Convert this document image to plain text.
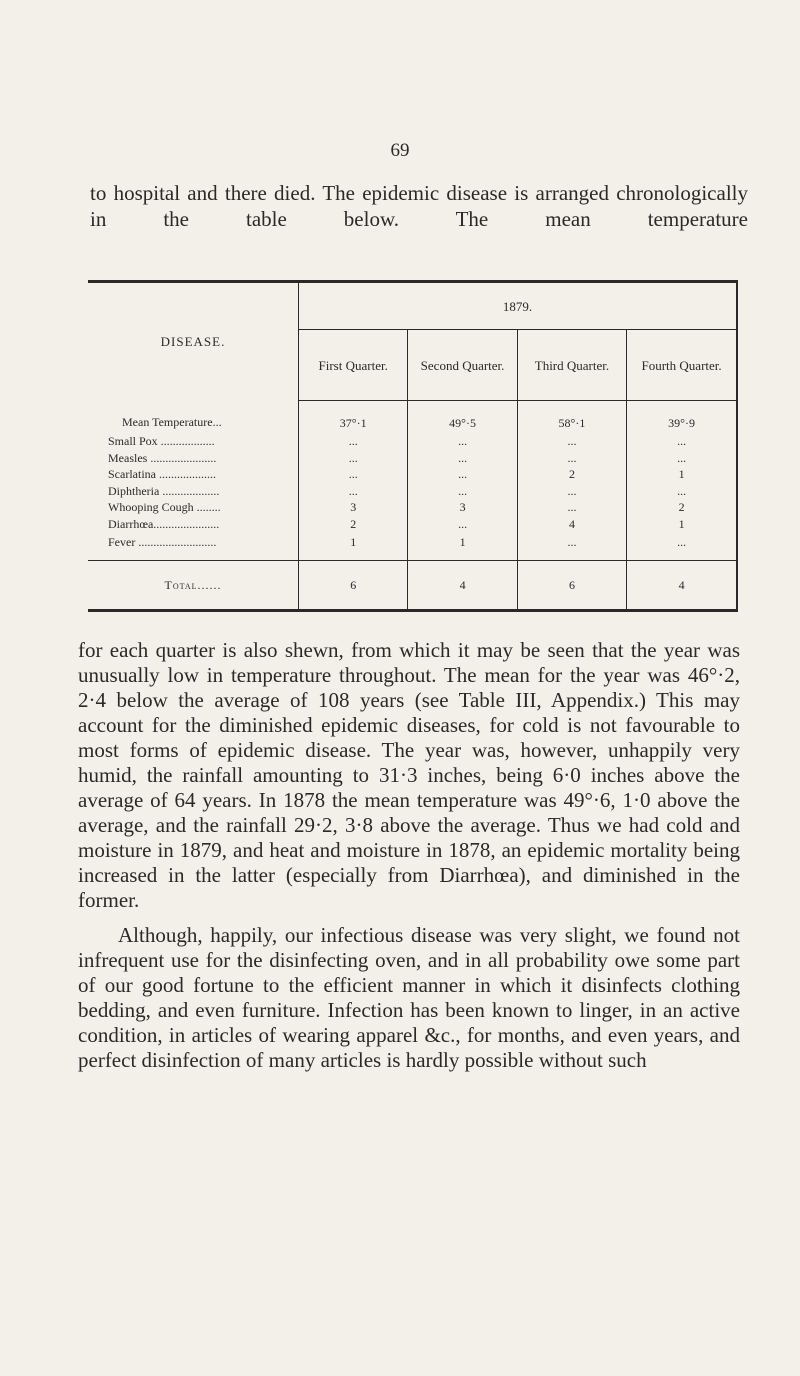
69

to hospital and there died. The epidemic disease is arranged chronologically in the table below. The mean temperature

DISEASE.	1879.			
	First Quarter.	Second Quarter.	Third Quarter.	Fourth Quarter.
Mean Temperature...	37°·1	49°·5	58°·1	39°·9
Small Pox ..................	...	...	...	...
Measles ......................	...	...	...	...
Scarlatina ...................	...	...	2	1
Diphtheria ...................	...	...	...	...
Whooping Cough ........	3	3	...	2
Diarrhœa......................	2	...	4	1
Fever ..........................	1	1	...	...
Total......	6	4	6	4

for each quarter is also shewn, from which it may be seen that the year was unusually low in temperature throughout. The mean for the year was 46°·2, 2·4 below the average of 108 years (see Table III, Appendix.) This may account for the diminished epidemic diseases, for cold is not favourable to most forms of epidemic disease. The year was, however, unhappily very humid, the rainfall amounting to 31·3 inches, being 6·0 inches above the average of 64 years. In 1878 the mean temperature was 49°·6, 1·0 above the average, and the rainfall 29·2, 3·8 above the average. Thus we had cold and moisture in 1879, and heat and moisture in 1878, an epidemic mortality being increased in the latter (especially from Diarrhœa), and diminished in the former.

Although, happily, our infectious disease was very slight, we found not infrequent use for the disinfecting oven, and in all probability owe some part of our good fortune to the efficient manner in which it disinfects clothing bedding, and even furniture. Infection has been known to linger, in an active condition, in articles of wearing apparel &c., for months, and even years, and perfect disinfection of many articles is hardly possible without such
